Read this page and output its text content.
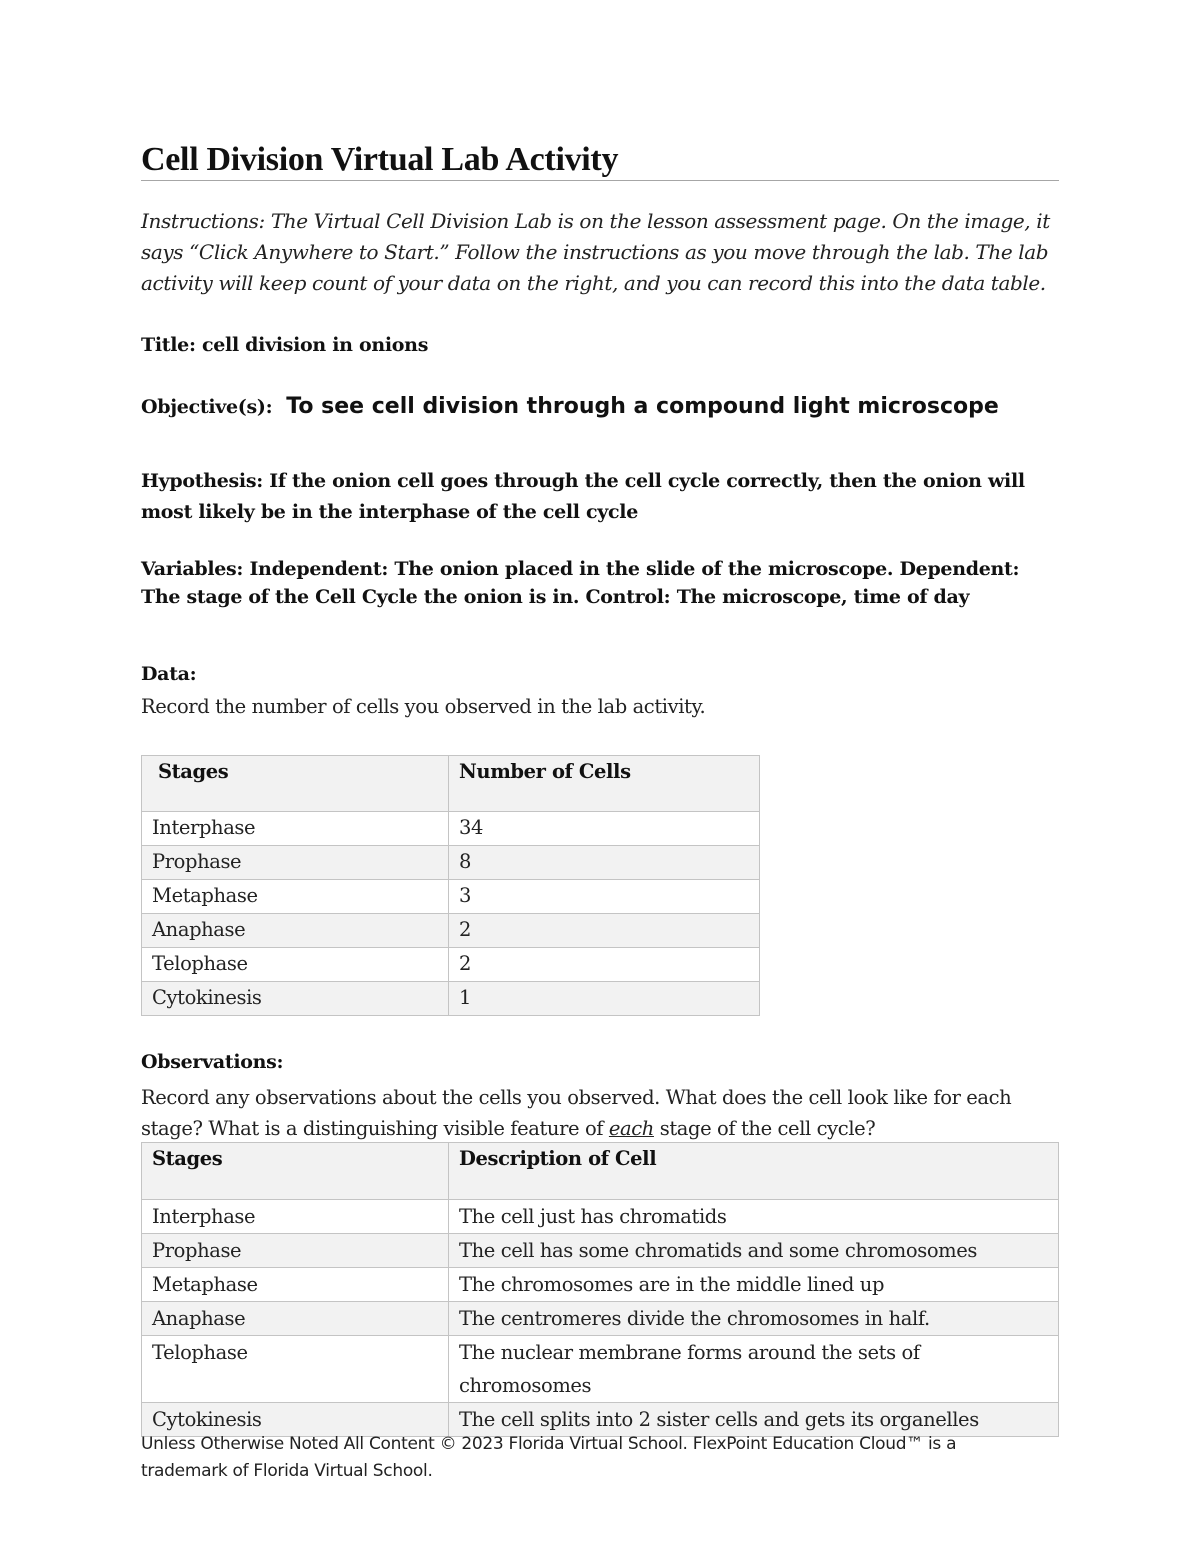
Cell Division Virtual Lab Activity

Instructions: The Virtual Cell Division Lab is on the lesson assessment page. On the image, it says “Click Anywhere to Start.” Follow the instructions as you move through the lab. The lab activity will keep count of your data on the right, and you can record this into the data table.

Title: cell division in onions

Objective(s): To see cell division through a compound light microscope

Hypothesis: If the onion cell goes through the cell cycle correctly, then the onion will most likely be in the interphase of the cell cycle

Variables: Independent: The onion placed in the slide of the microscope. Dependent: The stage of the Cell Cycle the onion is in. Control: The microscope, time of day

Data:

Record the number of cells you observed in the lab activity.

Stages	Number of Cells
Interphase	34
Prophase	8
Metaphase	3
Anaphase	2
Telophase	2
Cytokinesis	1

Observations:

Record any observations about the cells you observed. What does the cell look like for each stage? What is a distinguishing visible feature of each stage of the cell cycle?

Stages	Description of Cell
Interphase	The cell just has chromatids
Prophase	The cell has some chromatids and some chromosomes
Metaphase	The chromosomes are in the middle lined up
Anaphase	The centromeres divide the chromosomes in half.
Telophase	The nuclear membrane forms around the sets of chromosomes
Cytokinesis	The cell splits into 2 sister cells and gets its organelles
Unless Otherwise Noted All Content © 2023 Florida Virtual School. FlexPoint Education Cloud™ is a trademark of Florida Virtual School.
